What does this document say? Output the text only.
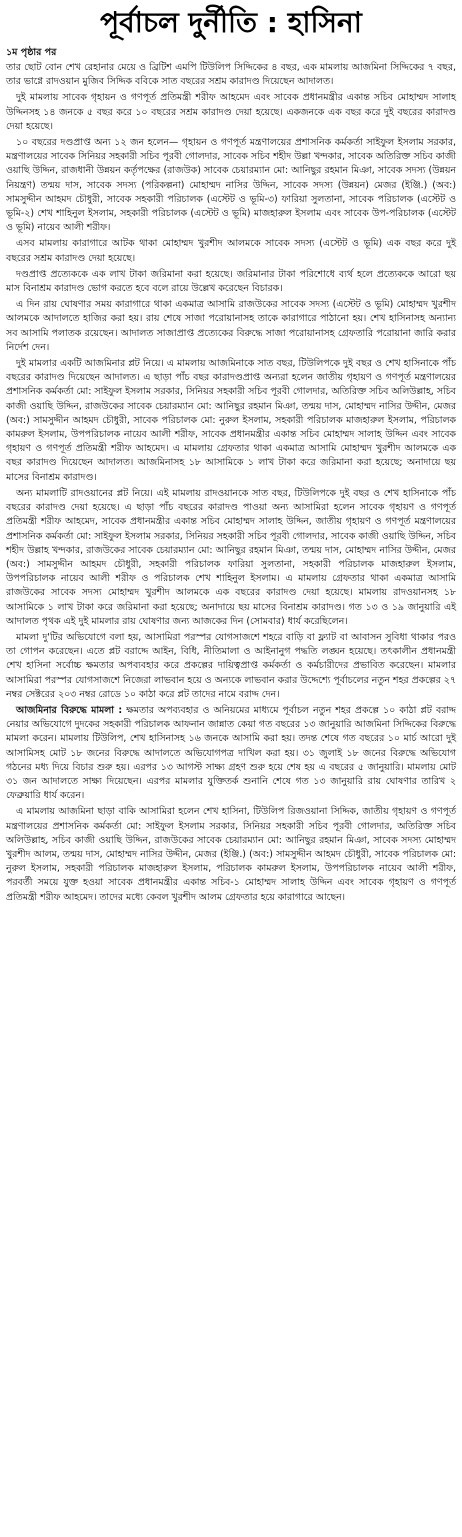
পূর্বাচল দুর্নীতি : হাসিনা
১ম পৃষ্ঠার পর

তার ছোট বোন শেখ রেহানার মেয়ে ও ব্রিটিশ এমপি টিউলিপ সিদ্দিকের ৪ বছর, এক মামলায় আজমিনা সিদ্দিকের ৭ বছর, তার ভাগ্নে রাদওয়ান মুজিব সিদ্দিক ববিকে সাত বছরের সশ্রম কারাদণ্ড দিয়েছেন আদালত।

দুই মামলায় সাবেক গৃহায়ন ও গণপূর্ত প্রতিমন্ত্রী শরীফ আহমেদ এবং সাবেক প্রধানমন্ত্রীর একান্ত সচিব মোহাম্মদ সালাহ উদ্দিনসহ ১৪ জনকে ৫ বছর করে ১০ বছরের সশ্রম কারাদণ্ড দেয়া হয়েছে। একজনকে এক বছর করে দুই বছরের কারাদণ্ড দেয়া হয়েছে।

১০ বছরের দণ্ডপ্রাপ্ত অন্য ১২ জন হলেন— গৃহায়ন ও গণপূর্ত মন্ত্রণালয়ের প্রশাসনিক কর্মকর্তা সাইফুল ইসলাম সরকার, মন্ত্রণালয়ের সাবেক সিনিয়র সহকারী সচিব পূরবী গোলদার, সাবেক সচিব শহীদ উল্লা খন্দকার, সাবেক অতিরিক্ত সচিব কাজী ওয়াছি উদ্দিন, রাজধানী উন্নয়ন কর্তৃপক্ষের (রাজউক) সাবেক চেয়ারম্যান মো: আনিছুর রহমান মিঞা, সাবেক সদস্য (উন্নয়ন নিয়ন্ত্রণ) তন্ময় দাস, সাবেক সদস্য (পরিকল্পনা) মোহাম্মদ নাসির উদ্দিন, সাবেক সদস্য (উন্নয়ন) মেজর (ইঞ্জি.) (অব:) সামসুদ্দীন আহমদ চৌধুরী, সাবেক সহকারী পরিচালক (এস্টেট ও ভূমি-৩) ফারিয়া সুলতানা, সাবেক পরিচালক (এস্টেট ও ভূমি-২) শেখ শাহিনুল ইসলাম, সহকারী পরিচালক (এস্টেট ও ভূমি) মাজহারুল ইসলাম এবং সাবেক উপ-পরিচালক (এস্টেট ও ভূমি) নায়েব আলী শরীফ।

এসব মামলায় কারাগারে আটক থাকা মোহাম্মদ খুরশীদ আলমকে সাবেক সদস্য (এস্টেট ও ভূমি) এক বছর করে দুই বছরের সশ্রম কারাদণ্ড দেয়া হয়েছে।

দণ্ডপ্রাপ্ত প্রত্যেককে এক লাখ টাকা জরিমানা করা হয়েছে। জরিমানার টাকা পরিশোধে ব্যর্থ হলে প্রত্যেককে আরো ছয় মাস বিনাশ্রম কারাদণ্ড ভোগ করতে হবে বলে রায়ে উল্লেখ করেছেন বিচারক।

এ দিন রায় ঘোষণার সময় কারাগারে থাকা একমাত্র আসামি রাজউকের সাবেক সদস্য (এস্টেট ও ভূমি) মোহাম্মদ খুরশীদ আলমকে আদালতে হাজির করা হয়। রায় শেষে সাজা পরোয়ানাসহ তাকে কারাগারে পাঠানো হয়। শেখ হাসিনাসহ অন্যান্য সব আসামি পলাতক রয়েছেন। আদালত সাজাপ্রাপ্ত প্রত্যেকের বিরুদ্ধে সাজা পরোয়ানাসহ গ্রেফতারি পরোয়ানা জারি করার নির্দেশ দেন।

দুই মামলার একটি আজমিনার প্লট নিয়ে। এ মামলায় আজমিনাকে সাত বছর, টিউলিপকে দুই বছর ও শেখ হাসিনাকে পাঁচ বছরের কারাদণ্ড দিয়েছেন আদালত। এ ছাড়া পাঁচ বছর কারাদণ্ডপ্রাপ্ত অন্যরা হলেন জাতীয় গৃহায়ণ ও গণপূর্ত মন্ত্রণালয়ের প্রশাসনিক কর্মকর্তা মো: সাইফুল ইসলাম সরকার, সিনিয়র সহকারী সচিব পূরবী গোলদার, অতিরিক্ত সচিব অলিউল্লাহ, সচিব কাজী ওয়াছি উদ্দিন, রাজউকের সাবেক চেয়ারম্যান মো: আনিছুর রহমান মিঞা, তন্ময় দাস, মোহাম্মদ নাসির উদ্দীন, মেজর (অব:) সামসুদ্দীন আহমদ চৌধুরী, সাবেক পরিচালক মো: নুরুল ইসলাম, সহকারী পরিচালক মাজহারুল ইসলাম, পরিচালক কামরুল ইসলাম, উপপরিচালক নায়েব আলী শরীফ, সাবেক প্রধানমন্ত্রীর একান্ত সচিব মোহাম্মদ সালাহ উদ্দিন এবং সাবেক গৃহায়ণ ও গণপূর্ত প্রতিমন্ত্রী শরীফ আহমেদ। এ মামলায় গ্রেফতার থাকা একমাত্র আসামি মোহাম্মদ খুরশীদ আলমকে এক বছর কারাদণ্ড দিয়েছেন আদালত। আজমিনাসহ ১৮ আসামিকে ১ লাখ টাকা করে জরিমানা করা হয়েছে; অনাদায়ে ছয় মাসের বিনাশ্রম কারাদণ্ড।

অন্য মামলাটি রাদওয়ানের প্লট নিয়ে। এই মামলায় রাদওয়ানকে সাত বছর, টিউলিপকে দুই বছর ও শেখ হাসিনাকে পাঁচ বছরের কারাদণ্ড দেয়া হয়েছে। এ ছাড়া পাঁচ বছরের কারাদণ্ড পাওয়া অন্য আসামিরা হলেন সাবেক গৃহায়ণ ও গণপূর্ত প্রতিমন্ত্রী শরীফ আহমেদ, সাবেক প্রধানমন্ত্রীর একান্ত সচিব মোহাম্মদ সালাহ উদ্দিন, জাতীয় গৃহায়ণ ও গণপূর্ত মন্ত্রণালয়ের প্রশাসনিক কর্মকর্তা মো: সাইফুল ইসলাম সরকার, সিনিয়র সহকারী সচিব পূরবী গোলদার, সাবেক কাজী ওয়াছি উদ্দিন, সচিব শহীদ উল্লাহ খন্দকার, রাজউকের সাবেক চেয়ারম্যান মো: আনিছুর রহমান মিঞা, তন্ময় দাস, মোহাম্মদ নাসির উদ্দীন, মেজর (অব:) সামসুদ্দীন আহমদ চৌধুরী, সহকারী পরিচালক ফারিয়া সুলতানা, সহকারী পরিচালক মাজহারুল ইসলাম, উপপরিচালক নায়েব আলী শরীফ ও পরিচালক শেখ শাহিনুল ইসলাম। এ মামলায় গ্রেফতার থাকা একমাত্র আসামি রাজউকের সাবেক সদস্য মোহাম্মদ খুরশীদ আলমকে এক বছরের কারাদণ্ড দেয়া হয়েছে। মামলায় রাদওয়ানসহ ১৮ আসামিকে ১ লাখ টাকা করে জরিমানা করা হয়েছে; অনাদায়ে ছয় মাসের বিনাশ্রম কারাদণ্ড। গত ১৩ ও ১৯ জানুয়ারি এই আদালত পৃথক এই দুই মামলার রায় ঘোষণার জন্য আজকের দিন (সোমবার) ধার্য করেছিলেন।

মামলা দু'টির অভিযোগে বলা হয়, আসামিরা পরস্পর যোগসাজশে শহরে বাড়ি বা ফ্ল্যাট বা আবাসন সুবিধা থাকার পরও তা গোপন করেছেন। এতে প্লট বরাদ্দে আইন, বিধি, নীতিমালা ও আইনানুগ পদ্ধতি লঙ্ঘন হয়েছে। তৎকালীন প্রধানমন্ত্রী শেখ হাসিনা সর্বোচ্চ ক্ষমতার অপব্যবহার করে প্রকল্পের দায়িত্বপ্রাপ্ত কর্মকর্তা ও কর্মচারীদের প্রভাবিত করেছেন। মামলার আসামিরা পরস্পর যোগসাজশে নিজেরা লাভবান হয়ে ও অন্যকে লাভবান করার উদ্দেশ্যে পূর্বাচলের নতুন শহর প্রকল্পের ২৭ নম্বর সেক্টরের ২০৩ নম্বর রোডে ১০ কাঠা করে প্লট তাদের নামে বরাদ্দ দেন।

আজমিনার বিরুদ্ধে মামলা : ক্ষমতার অপব্যবহার ও অনিয়মের মাধ্যমে পূর্বাচল নতুন শহর প্রকল্পে ১০ কাঠা প্লট বরাদ্দ নেয়ার অভিযোগে দুদকের সহকারী পরিচালক আফনান জান্নাত কেয়া গত বছরের ১৩ জানুয়ারি আজমিনা সিদ্দিকের বিরুদ্ধে মামলা করেন। মামলায় টিউলিপ, শেখ হাসিনাসহ ১৬ জনকে আসামি করা হয়। তদন্ত শেষে গত বছরের ১০ মার্চ আরো দুই আসামিসহ মোট ১৮ জনের বিরুদ্ধে আদালতে অভিযোগপত্র দাখিল করা হয়। ৩১ জুলাই ১৮ জনের বিরুদ্ধে অভিযোগ গঠনের মধ্য দিয়ে বিচার শুরু হয়। এরপর ১৩ আগস্ট সাক্ষ্য গ্রহণ শুরু হয়ে শেষ হয় এ বছরের ৫ জানুয়ারি। মামলায় মোট ৩১ জন আদালতে সাক্ষ্য দিয়েছেন। এরপর মামলার যুক্তিতর্ক শুনানি শেষে গত ১৩ জানুয়ারি রায় ঘোষণার তারিখ ২ ফেব্রুয়ারি ধার্য করেন।

এ মামলায় আজমিনা ছাড়া বাকি আসামিরা হলেন শেখ হাসিনা, টিউলিপ রিজওয়ানা সিদ্দিক, জাতীয় গৃহায়ণ ও গণপূর্ত মন্ত্রণালয়ের প্রশাসনিক কর্মকর্তা মো: সাইফুল ইসলাম সরকার, সিনিয়র সহকারী সচিব পূরবী গোলদার, অতিরিক্ত সচিব অলিউল্লাহ, সচিব কাজী ওয়াছি উদ্দিন, রাজউকের সাবেক চেয়ারম্যান মো: আনিছুর রহমান মিঞা, সাবেক সদস্য মোহাম্মদ খুরশীদ আলম, তন্ময় দাস, মোহাম্মদ নাসির উদ্দীন, মেজর (ইঞ্জি.) (অব:) সামসুদ্দীন আহমদ চৌধুরী, সাবেক পরিচালক মো: নুরুল ইসলাম, সহকারী পরিচালক মাজহারুল ইসলাম, পরিচালক কামরুল ইসলাম, উপপরিচালক নায়েব আলী শরীফ, পরবর্তী সময়ে যুক্ত হওয়া সাবেক প্রধানমন্ত্রীর একান্ত সচিব-১ মোহাম্মদ সালাহ উদ্দিন এবং সাবেক গৃহায়ণ ও গণপূর্ত প্রতিমন্ত্রী শরীফ আহমেদ। তাদের মধ্যে কেবল খুরশীদ আলম গ্রেফতার হয়ে কারাগারে আছেন।
